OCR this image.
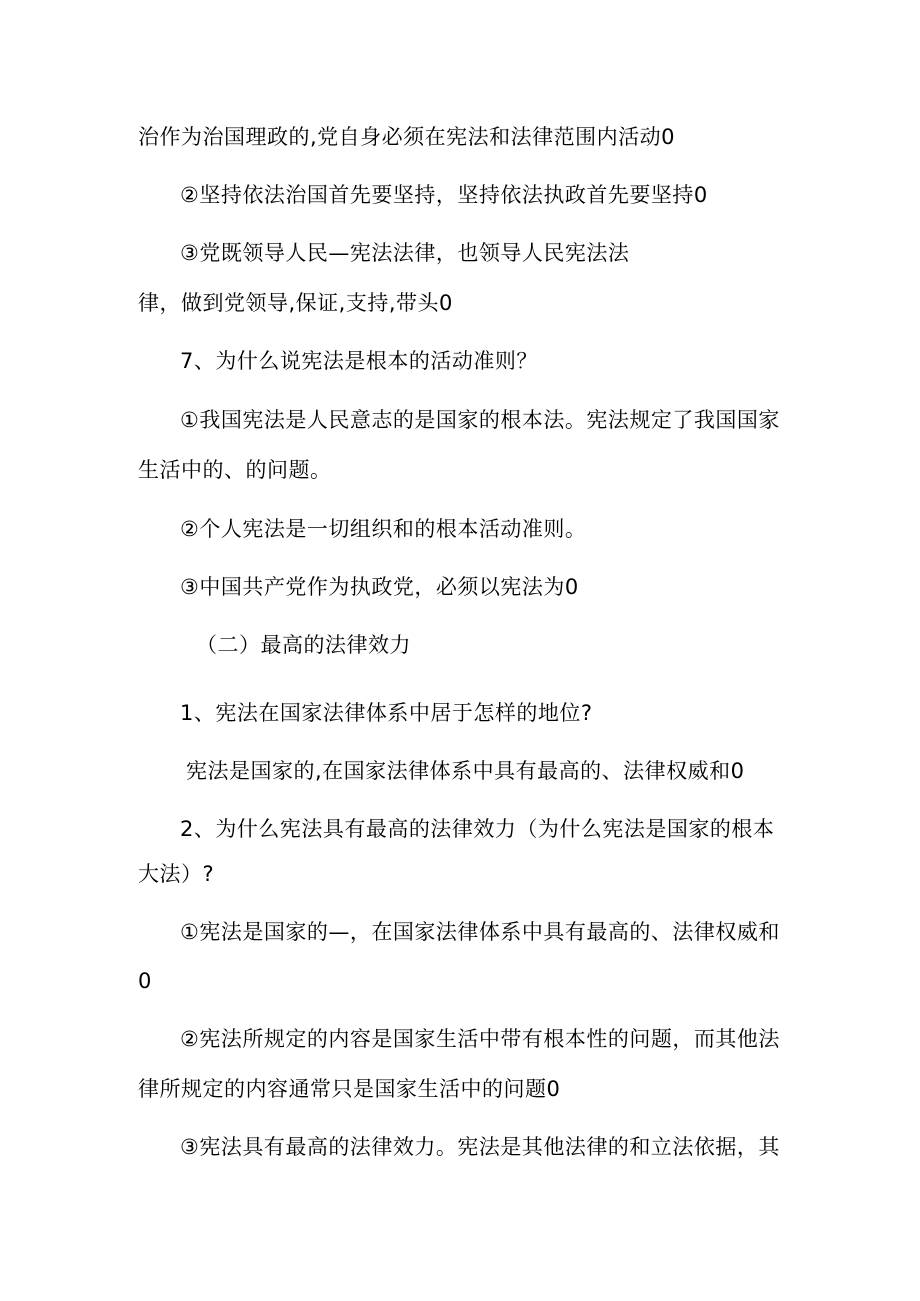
治作为治国理政的,党自身必须在宪法和法律范围内活动0
②坚持依法治国首先要坚持，坚持依法执政首先要坚持0
③党既领导人民—宪法法律，也领导人民宪法法
律，做到党领导,保证,支持,带头0
7、为什么说宪法是根本的活动准则？
①我国宪法是人民意志的是国家的根本法。宪法规定了我国国家
生活中的、的问题。
②个人宪法是一切组织和的根本活动准则。
③中国共产党作为执政党，必须以宪法为0
（二）最高的法律效力
1、宪法在国家法律体系中居于怎样的地位?
宪法是国家的,在国家法律体系中具有最高的、法律权威和0
2、为什么宪法具有最高的法律效力（为什么宪法是国家的根本
大法）?
①宪法是国家的—，在国家法律体系中具有最高的、法律权威和
0
②宪法所规定的内容是国家生活中带有根本性的问题，而其他法
律所规定的内容通常只是国家生活中的问题0
③宪法具有最高的法律效力。宪法是其他法律的和立法依据，其
